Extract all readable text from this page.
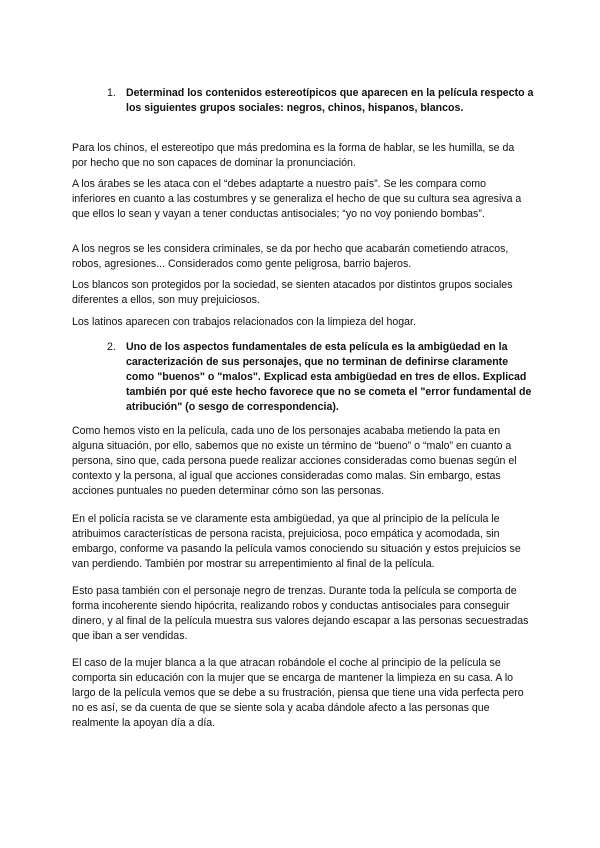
1. Determinad los contenidos estereotípicos que aparecen en la película respecto a los siguientes grupos sociales: negros, chinos, hispanos, blancos.

Para los chinos, el estereotipo que más predomina es la forma de hablar, se les humilla, se da por hecho que no son capaces de dominar la pronunciación.

A los árabes se les ataca con el “debes adaptarte a nuestro país”. Se les compara como inferiores en cuanto a las costumbres y se generaliza el hecho de que su cultura sea agresiva a que ellos lo sean y vayan a tener conductas antisociales; “yo no voy poniendo bombas”.

A los negros se les considera criminales, se da por hecho que acabarán cometiendo atracos, robos, agresiones... Considerados como gente peligrosa, barrio bajeros.

Los blancos son protegidos por la sociedad, se sienten atacados por distintos grupos sociales diferentes a ellos, son muy prejuiciosos.

Los latinos aparecen con trabajos relacionados con la limpieza del hogar.

2. Uno de los aspectos fundamentales de esta película es la ambigüedad en la caracterización de sus personajes, que no terminan de definirse claramente como "buenos" o "malos". Explicad esta ambigüedad en tres de ellos. Explicad también por qué este hecho favorece que no se cometa el "error fundamental de atribución" (o sesgo de correspondencia).

Como hemos visto en la película, cada uno de los personajes acababa metiendo la pata en alguna situación, por ello, sabemos que no existe un término de “bueno” o “malo” en cuanto a persona, sino que, cada persona puede realizar acciones consideradas como buenas según el contexto y la persona, al igual que acciones consideradas como malas. Sin embargo, estas acciones puntuales no pueden determinar cómo son las personas.

En el policía racista se ve claramente esta ambigüedad, ya que al principio de la película le atribuimos características de persona racista, prejuiciosa, poco empática y acomodada, sin embargo, conforme va pasando la película vamos conociendo su situación y estos prejuicios se van perdiendo. También por mostrar su arrepentimiento al final de la película.

Esto pasa también con el personaje negro de trenzas. Durante toda la película se comporta de forma incoherente siendo hipócrita, realizando robos y conductas antisociales para conseguir dinero, y al final de la película muestra sus valores dejando escapar a las personas secuestradas que iban a ser vendidas.

El caso de la mujer blanca a la que atracan robándole el coche al principio de la película se comporta sin educación con la mujer que se encarga de mantener la limpieza en su casa. A lo largo de la película vemos que se debe a su frustración, piensa que tiene una vida perfecta pero no es así, se da cuenta de que se siente sola y acaba dándole afecto a las personas que realmente la apoyan día a día.
